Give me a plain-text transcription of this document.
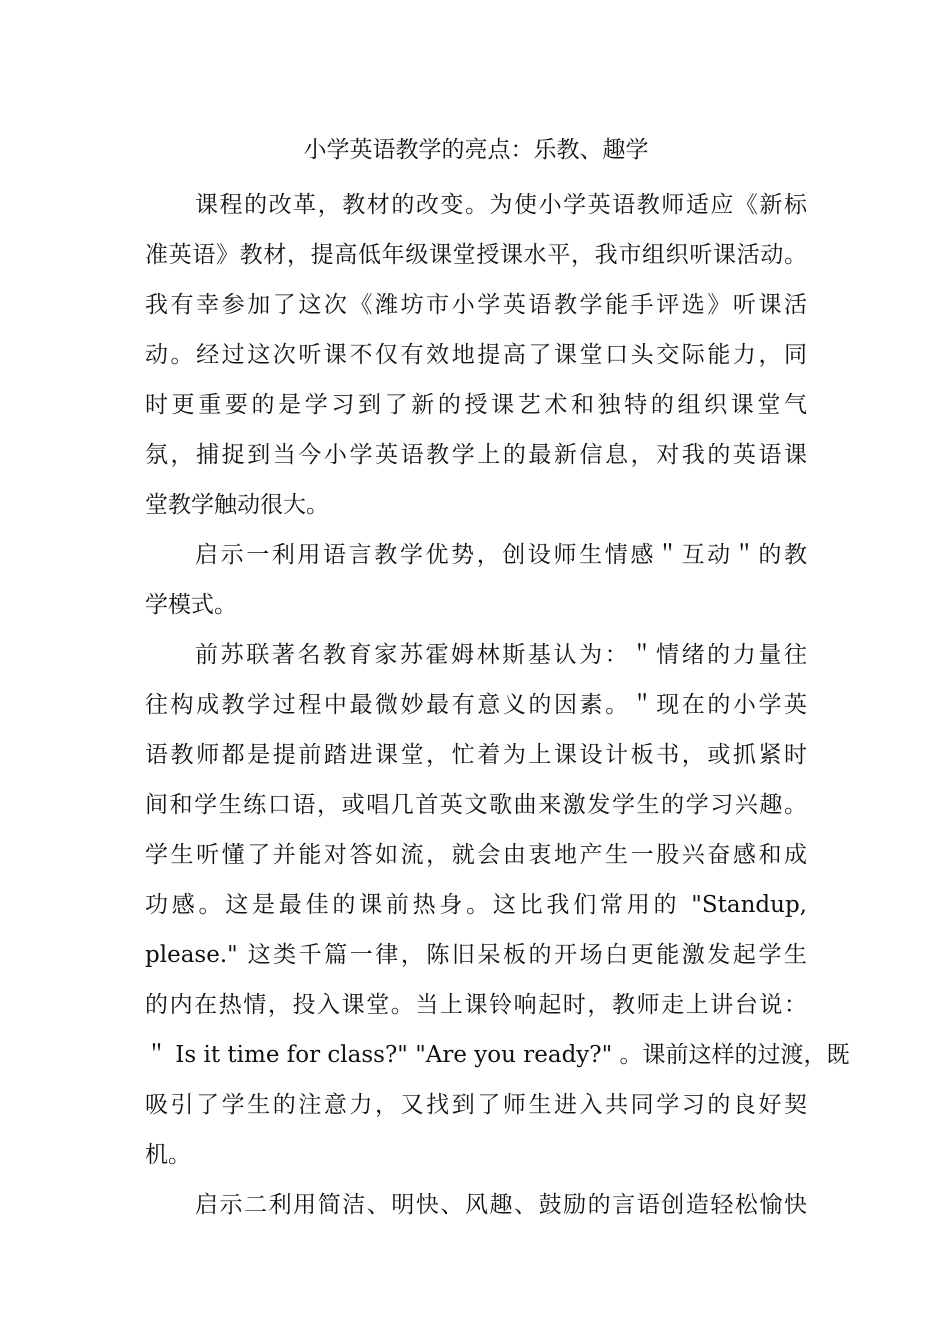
小学英语教学的亮点：乐教、趣学
课程的改革，教材的改变。为使小学英语教师适应《新标
准英语》教材，提高低年级课堂授课水平，我市组织听课活动。
我有幸参加了这次《潍坊市小学英语教学能手评选》听课活
动。经过这次听课不仅有效地提高了课堂口头交际能力，同
时更重要的是学习到了新的授课艺术和独特的组织课堂气
氛，捕捉到当今小学英语教学上的最新信息，对我的英语课
堂教学触动很大。
启示一利用语言教学优势，创设师生情感＂互动＂的教
学模式。
前苏联著名教育家苏霍姆林斯基认为：＂情绪的力量往
往构成教学过程中最微妙最有意义的因素。＂现在的小学英
语教师都是提前踏进课堂，忙着为上课设计板书，或抓紧时
间和学生练口语，或唱几首英文歌曲来激发学生的学习兴趣。
学生听懂了并能对答如流，就会由衷地产生一股兴奋感和成
功感。这是最佳的课前热身。这比我们常用的 "Standup,
please." 这类千篇一律，陈旧呆板的开场白更能激发起学生
的内在热情，投入课堂。当上课铃响起时，教师走上讲台说：
＂ Is it time for class?" "Are you ready?" 。课前这样的过渡，既
吸引了学生的注意力，又找到了师生进入共同学习的良好契
机。
启示二利用简洁、明快、风趣、鼓励的言语创造轻松愉快
